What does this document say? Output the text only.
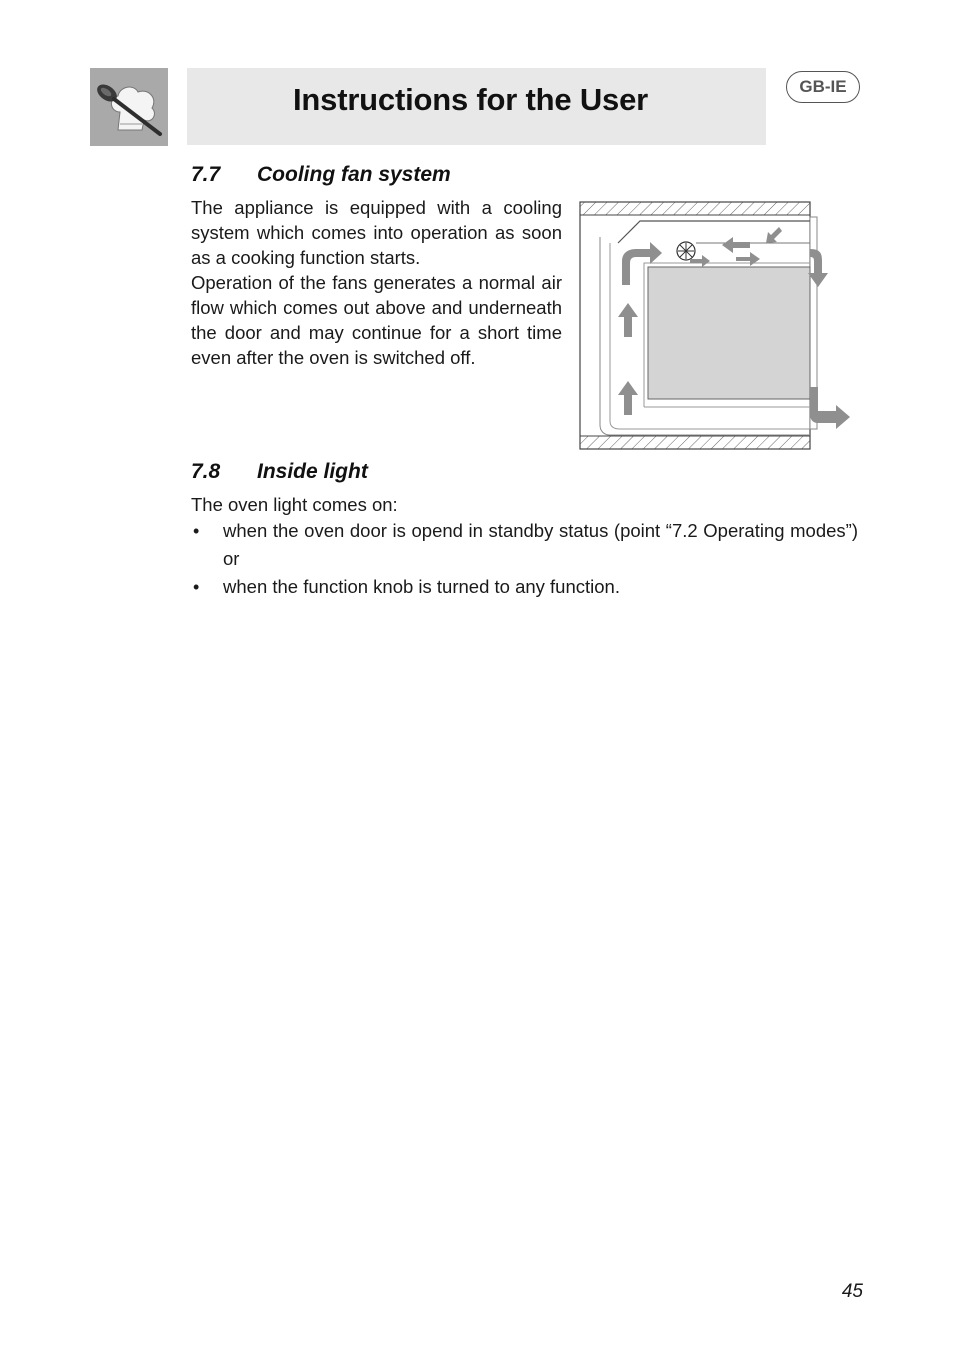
Instructions for the User	GB-IE
7.7 Cooling fan system
The appliance is equipped with a cooling system which comes into operation as soon as a cooking function starts.
Operation of the fans generates a normal air flow which comes out above and underneath the door and may continue for a short time even after the oven is switched off.
7.8 Inside light
The oven light comes on:
• when the oven door is opend in standby status (point “7.2 Operating modes”) or
• when the function knob is turned to any function.
45
